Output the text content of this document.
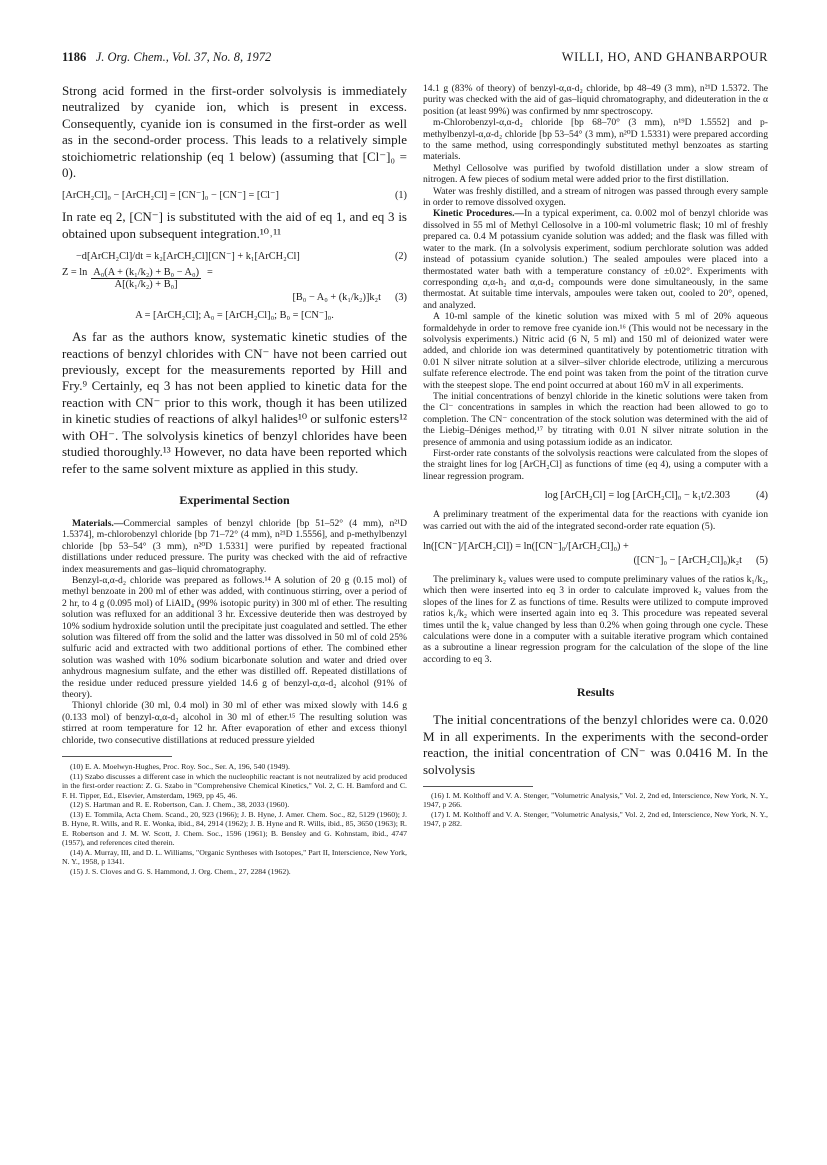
1186 J. Org. Chem., Vol. 37, No. 8, 1972	WILLI, HO, AND GHANBARPOUR

Strong acid formed in the first-order solvolysis is immediately neutralized by cyanide ion, which is present in excess. Consequently, cyanide ion is consumed in the first-order as well as in the second-order process. This leads to a relatively simple stoichiometric relationship (eq 1 below) (assuming that [Cl⁻]₀ = 0).

[ArCH₂Cl]₀ − [ArCH₂Cl] = [CN⁻]₀ − [CN⁻] = [Cl⁻]	(1)

In rate eq 2, [CN⁻] is substituted with the aid of eq 1, and eq 3 is obtained upon subsequent integration.¹⁰˒¹¹

−d[ArCH₂Cl]/dt = k₂[ArCH₂Cl][CN⁻] + k₁[ArCH₂Cl]	(2)
$Z = \ln \frac{\text{A₀(A + (k₁/k₂) + B₀ − A₀)}}{\text{A[(k₁/k₂) + B₀]}}$ =
[B₀ − A₀ + (k₁/k₂)]k₂t	(3)
A = [ArCH₂Cl]; A₀ = [ArCH₂Cl]₀; B₀ = [CN⁻]₀.

As far as the authors know, systematic kinetic studies of the reactions of benzyl chlorides with CN⁻ have not been carried out previously, except for the measurements reported by Hill and Fry.⁹ Certainly, eq 3 has not been applied to kinetic data for the reaction with CN⁻ prior to this work, though it has been utilized in kinetic studies of reactions of alkyl halides¹⁰ or sulfonic esters¹² with OH⁻. The solvolysis kinetics of benzyl chlorides have been studied thoroughly.¹³ However, no data have been reported which refer to the same solvent mixture as applied in this study.

Experimental Section

Materials.—Commercial samples of benzyl chloride [bp 51–52° (4 mm), n²¹D 1.5374], m-chlorobenzyl chloride [bp 71–72° (4 mm), n²¹D 1.5556], and p-methylbenzyl chloride [bp 53–54° (3 mm), n²⁰D 1.5331] were purified by repeated fractional distillations under reduced pressure. The purity was checked with the aid of refractive index measurements and gas–liquid chromatography.

Benzyl-α,α-d₂ chloride was prepared as follows.¹⁴ A solution of 20 g (0.15 mol) of methyl benzoate in 200 ml of ether was added, with continuous stirring, over a period of 2 hr, to 4 g (0.095 mol) of LiAlD₄ (99% isotopic purity) in 300 ml of ether. The resulting solution was refluxed for an additional 3 hr. Excessive deuteride then was destroyed by 10% sodium hydroxide solution until the precipitate just coagulated and settled. The ether solution was filtered off from the solid and the latter was dissolved in 50 ml of cold 25% sulfuric acid and extracted with two additional portions of ether. The combined ether solution was washed with 10% sodium bicarbonate solution and water and dried over anhydrous magnesium sulfate, and the ether was distilled off. Repeated distillations of the residue under reduced pressure yielded 14.6 g of benzyl-α,α-d₂ alcohol (91% of theory).

Thionyl chloride (30 ml, 0.4 mol) in 30 ml of ether was mixed slowly with 14.6 g (0.133 mol) of benzyl-α,α-d₂ alcohol in 30 ml of ether.¹⁵ The resulting solution was stirred at room temperature for 12 hr. After evaporation of ether and excess thionyl chloride, two consecutive distillations at reduced pressure yielded

(10) E. A. Moelwyn-Hughes, Proc. Roy. Soc., Ser. A, 196, 540 (1949).

(11) Szabo discusses a different case in which the nucleophilic reactant is not neutralized by acid produced in the first-order reaction: Z. G. Szabo in "Comprehensive Chemical Kinetics," Vol. 2, C. H. Bamford and C. F. H. Tipper, Ed., Elsevier, Amsterdam, 1969, pp 45, 46.

(12) S. Hartman and R. E. Robertson, Can. J. Chem., 38, 2033 (1960).

(13) E. Tommila, Acta Chem. Scand., 20, 923 (1966); J. B. Hyne, J. Amer. Chem. Soc., 82, 5129 (1960); J. B. Hyne, R. Wills, and R. E. Wonka, ibid., 84, 2914 (1962); J. B. Hyne and R. Wills, ibid., 85, 3650 (1963); R. E. Robertson and J. M. W. Scott, J. Chem. Soc., 1596 (1961); B. Bensley and G. Kohnstam, ibid., 4747 (1957), and references cited therein.

(14) A. Murray, III, and D. L. Williams, "Organic Syntheses with Isotopes," Part II, Interscience, New York, N. Y., 1958, p 1341.

(15) J. S. Cloves and G. S. Hammond, J. Org. Chem., 27, 2284 (1962).

14.1 g (83% of theory) of benzyl-α,α-d₂ chloride, bp 48–49 (3 mm), n²¹D 1.5372. The purity was checked with the aid of gas–liquid chromatography, and dideuteration in the α position (at least 99%) was confirmed by nmr spectroscopy.

m-Chlorobenzyl-α,α-d₂ chloride [bp 68–70° (3 mm), n¹⁹D 1.5552] and p-methylbenzyl-α,α-d₂ chloride [bp 53–54° (3 mm), n²⁰D 1.5331) were prepared according to the same method, using correspondingly substituted methyl benzoates as starting materials.

Methyl Cellosolve was purified by twofold distillation under a slow stream of nitrogen. A few pieces of sodium metal were added prior to the first distillation.

Water was freshly distilled, and a stream of nitrogen was passed through every sample in order to remove dissolved oxygen.

Kinetic Procedures.—In a typical experiment, ca. 0.002 mol of benzyl chloride was dissolved in 55 ml of Methyl Cellosolve in a 100-ml volumetric flask; 10 ml of freshly prepared ca. 0.4 M potassium cyanide solution was added; and the flask was filled with water to the mark. (In a solvolysis experiment, sodium perchlorate solution was added instead of potassium cyanide solution.) The sealed ampoules were placed into a thermostated water bath with a temperature constancy of ±0.02°. Experiments with corresponding α,α-h₂ and α,α-d₂ compounds were done simultaneously, in the same thermostat. At suitable time intervals, ampoules were taken out, cooled to 20°, opened, and analyzed.

A 10-ml sample of the kinetic solution was mixed with 5 ml of 20% aqueous formaldehyde in order to remove free cyanide ion.¹⁶ (This would not be necessary in the solvolysis experiments.) Nitric acid (6 N, 5 ml) and 150 ml of deionized water were added, and chloride ion was determined quantitatively by potentiometric titration with 0.01 N silver nitrate solution at a silver–silver chloride electrode, utilizing a mercurous sulfate reference electrode. The end point was taken from the point of the titration curve with the steepest slope. The end point occurred at about 160 mV in all experiments.

The initial concentrations of benzyl chloride in the kinetic solutions were taken from the Cl⁻ concentrations in samples in which the reaction had been allowed to go to completion. The CN⁻ concentration of the stock solution was determined with the aid of the Liebig–Déniges method,¹⁷ by titrating with 0.01 N silver nitrate solution in the presence of ammonia and using potassium iodide as an indicator.

First-order rate constants of the solvolysis reactions were calculated from the slopes of the straight lines for log [ArCH₂Cl] as functions of time (eq 4), using a computer with a linear regression program.

log [ArCH₂Cl] = log [ArCH₂Cl]₀ − k₁t/2.303	(4)

A preliminary treatment of the experimental data for the reactions with cyanide ion was carried out with the aid of the integrated second-order rate equation (5).

ln([CN⁻]/[ArCH₂Cl]) = ln([CN⁻]₀/[ArCH₂Cl]₀) +
([CN⁻]₀ − [ArCH₂Cl]₀)k₂t	(5)

The preliminary k₂ values were used to compute preliminary values of the ratios k₁/k₂, which then were inserted into eq 3 in order to calculate improved k₂ values from the slopes of the lines for Z as functions of time. Results were utilized to compute improved ratios k₁/k₂ which were inserted again into eq 3. This procedure was repeated several times until the k₂ value changed by less than 0.2% when going through one cycle. These calculations were done in a computer with a suitable iterative program which contained as a subroutine a linear regression program for the calculation of the slope of the line according to eq 3.

Results

The initial concentrations of the benzyl chlorides were ca. 0.020 M in all experiments. In the experiments with the second-order reaction, the initial concentration of CN⁻ was 0.0416 M. In the solvolysis

(16) I. M. Kolthoff and V. A. Stenger, "Volumetric Analysis," Vol. 2, 2nd ed, Interscience, New York, N. Y., 1947, p 266.

(17) I. M. Kolthoff and V. A. Stenger, "Volumetric Analysis," Vol. 2, 2nd ed, Interscience, New York, N. Y., 1947, p 282.
